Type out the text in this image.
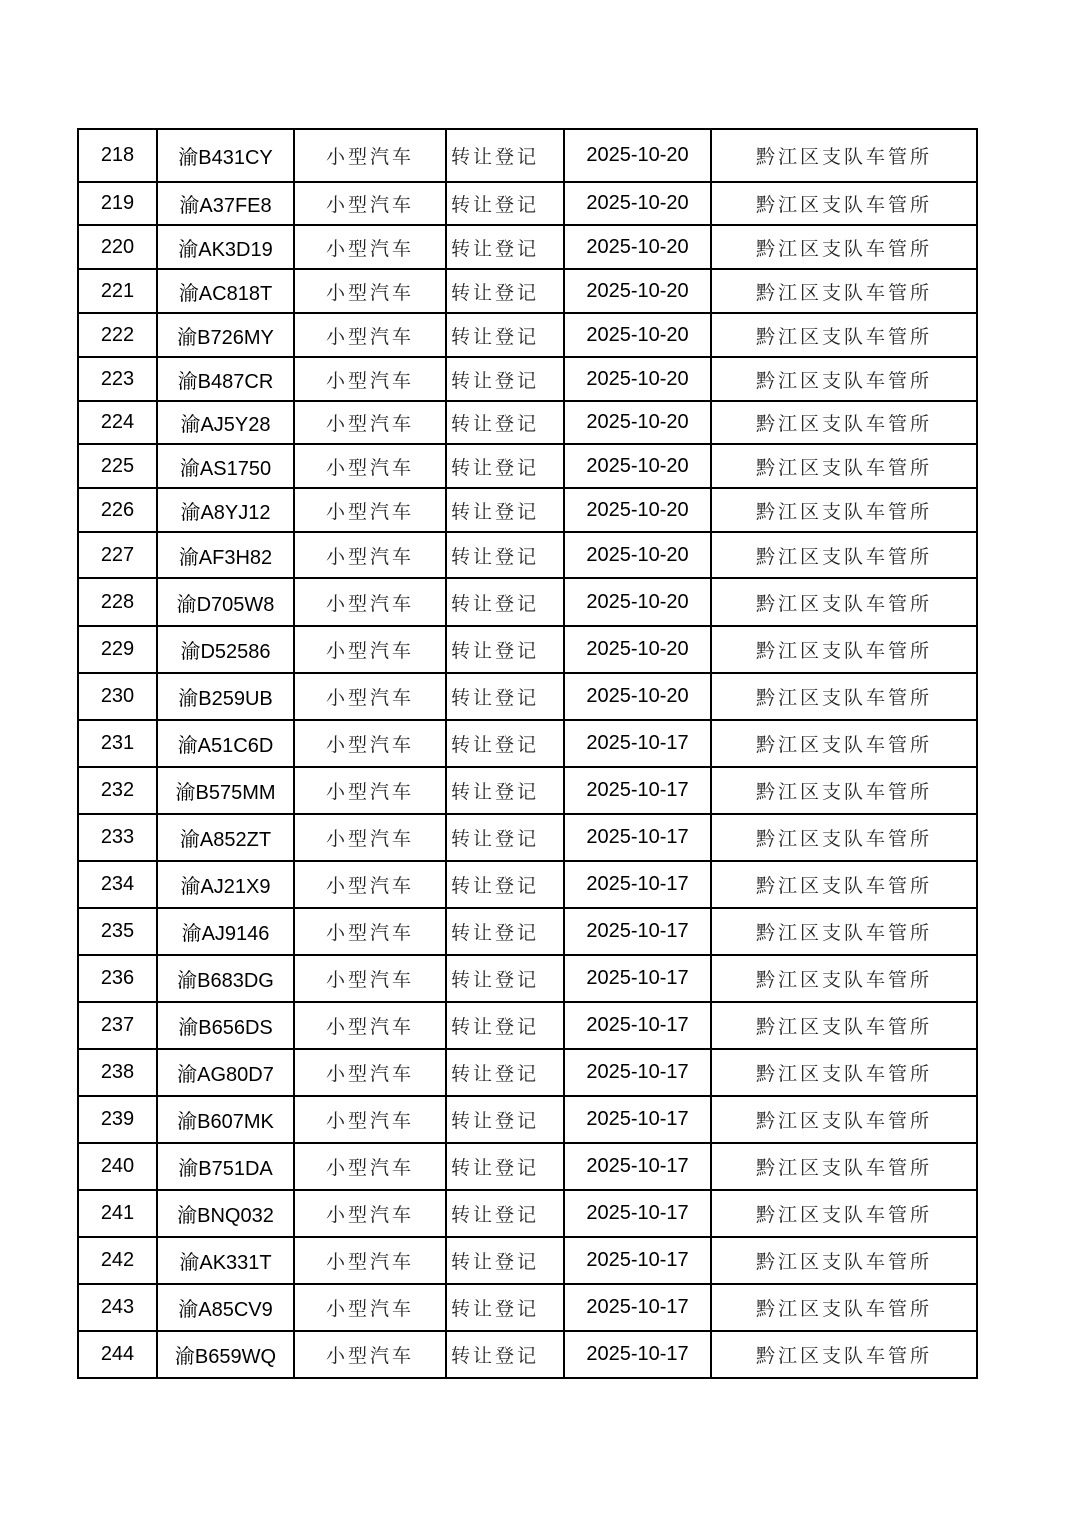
218	渝B431CY	小型汽车	转让登记	2025-10-20	黔江区支队车管所
219	渝A37FE8	小型汽车	转让登记	2025-10-20	黔江区支队车管所
220	渝AK3D19	小型汽车	转让登记	2025-10-20	黔江区支队车管所
221	渝AC818T	小型汽车	转让登记	2025-10-20	黔江区支队车管所
222	渝B726MY	小型汽车	转让登记	2025-10-20	黔江区支队车管所
223	渝B487CR	小型汽车	转让登记	2025-10-20	黔江区支队车管所
224	渝AJ5Y28	小型汽车	转让登记	2025-10-20	黔江区支队车管所
225	渝AS1750	小型汽车	转让登记	2025-10-20	黔江区支队车管所
226	渝A8YJ12	小型汽车	转让登记	2025-10-20	黔江区支队车管所
227	渝AF3H82	小型汽车	转让登记	2025-10-20	黔江区支队车管所
228	渝D705W8	小型汽车	转让登记	2025-10-20	黔江区支队车管所
229	渝D52586	小型汽车	转让登记	2025-10-20	黔江区支队车管所
230	渝B259UB	小型汽车	转让登记	2025-10-20	黔江区支队车管所
231	渝A51C6D	小型汽车	转让登记	2025-10-17	黔江区支队车管所
232	渝B575MM	小型汽车	转让登记	2025-10-17	黔江区支队车管所
233	渝A852ZT	小型汽车	转让登记	2025-10-17	黔江区支队车管所
234	渝AJ21X9	小型汽车	转让登记	2025-10-17	黔江区支队车管所
235	渝AJ9146	小型汽车	转让登记	2025-10-17	黔江区支队车管所
236	渝B683DG	小型汽车	转让登记	2025-10-17	黔江区支队车管所
237	渝B656DS	小型汽车	转让登记	2025-10-17	黔江区支队车管所
238	渝AG80D7	小型汽车	转让登记	2025-10-17	黔江区支队车管所
239	渝B607MK	小型汽车	转让登记	2025-10-17	黔江区支队车管所
240	渝B751DA	小型汽车	转让登记	2025-10-17	黔江区支队车管所
241	渝BNQ032	小型汽车	转让登记	2025-10-17	黔江区支队车管所
242	渝AK331T	小型汽车	转让登记	2025-10-17	黔江区支队车管所
243	渝A85CV9	小型汽车	转让登记	2025-10-17	黔江区支队车管所
244	渝B659WQ	小型汽车	转让登记	2025-10-17	黔江区支队车管所
